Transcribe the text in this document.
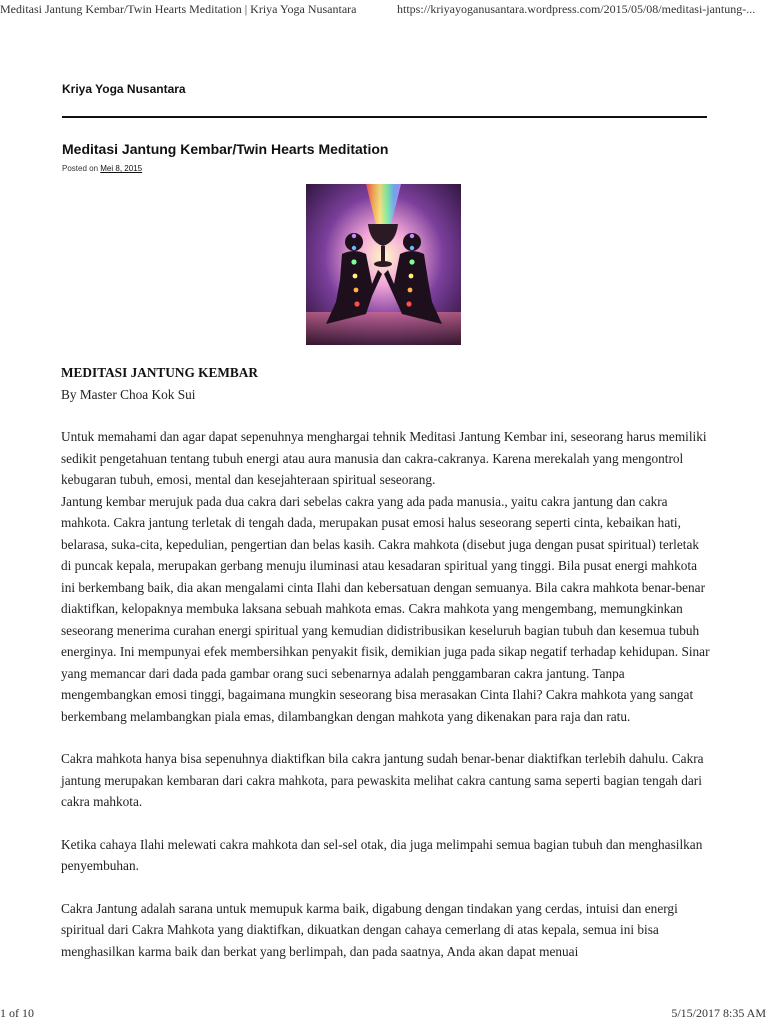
Meditasi Jantung Kembar/Twin Hearts Meditation | Kriya Yoga Nusantara	https://kriyayoganusantara.wordpress.com/2015/05/08/meditasi-jantung-...
Kriya Yoga Nusantara
Meditasi Jantung Kembar/Twin Hearts Meditation
Posted on Mei 8, 2015
MEDITASI JANTUNG KEMBAR

By Master Choa Kok Sui

Untuk memahami dan agar dapat sepenuhnya menghargai tehnik Meditasi Jantung Kembar ini, seseorang harus memiliki sedikit pengetahuan tentang tubuh energi atau aura manusia dan cakra-cakranya. Karena merekalah yang mengontrol kebugaran tubuh, emosi, mental dan kesejahteraan spiritual seseorang.

Jantung kembar merujuk pada dua cakra dari sebelas cakra yang ada pada manusia., yaitu cakra jantung dan cakra mahkota. Cakra jantung terletak di tengah dada, merupakan pusat emosi halus seseorang seperti cinta, kebaikan hati, belarasa, suka-cita, kepedulian, pengertian dan belas kasih. Cakra mahkota (disebut juga dengan pusat spiritual) terletak di puncak kepala, merupakan gerbang menuju iluminasi atau kesadaran spiritual yang tinggi. Bila pusat energi mahkota ini berkembang baik, dia akan mengalami cinta Ilahi dan kebersatuan dengan semuanya. Bila cakra mahkota benar-benar diaktifkan, kelopaknya membuka laksana sebuah mahkota emas. Cakra mahkota yang mengembang, memungkinkan seseorang menerima curahan energi spiritual yang kemudian didistribusikan keseluruh bagian tubuh dan kesemua tubuh energinya. Ini mempunyai efek membersihkan penyakit fisik, demikian juga pada sikap negatif terhadap kehidupan. Sinar yang memancar dari dada pada gambar orang suci sebenarnya adalah penggambaran cakra jantung. Tanpa mengembangkan emosi tinggi, bagaimana mungkin seseorang bisa merasakan Cinta Ilahi? Cakra mahkota yang sangat berkembang melambangkan piala emas, dilambangkan dengan mahkota yang dikenakan para raja dan ratu.

Cakra mahkota hanya bisa sepenuhnya diaktifkan bila cakra jantung sudah benar-benar diaktifkan terlebih dahulu. Cakra jantung merupakan kembaran dari cakra mahkota, para pewaskita melihat cakra cantung sama seperti bagian tengah dari cakra mahkota.

Ketika cahaya Ilahi melewati cakra mahkota dan sel-sel otak, dia juga melimpahi semua bagian tubuh dan menghasilkan penyembuhan.

Cakra Jantung adalah sarana untuk memupuk karma baik, digabung dengan tindakan yang cerdas, intuisi dan energi spiritual dari Cakra Mahkota yang diaktifkan, dikuatkan dengan cahaya cemerlang di atas kepala, semua ini bisa menghasilkan karma baik dan berkat yang berlimpah, dan pada saatnya, Anda akan dapat menuai

1 of 10	5/15/2017 8:35 AM
